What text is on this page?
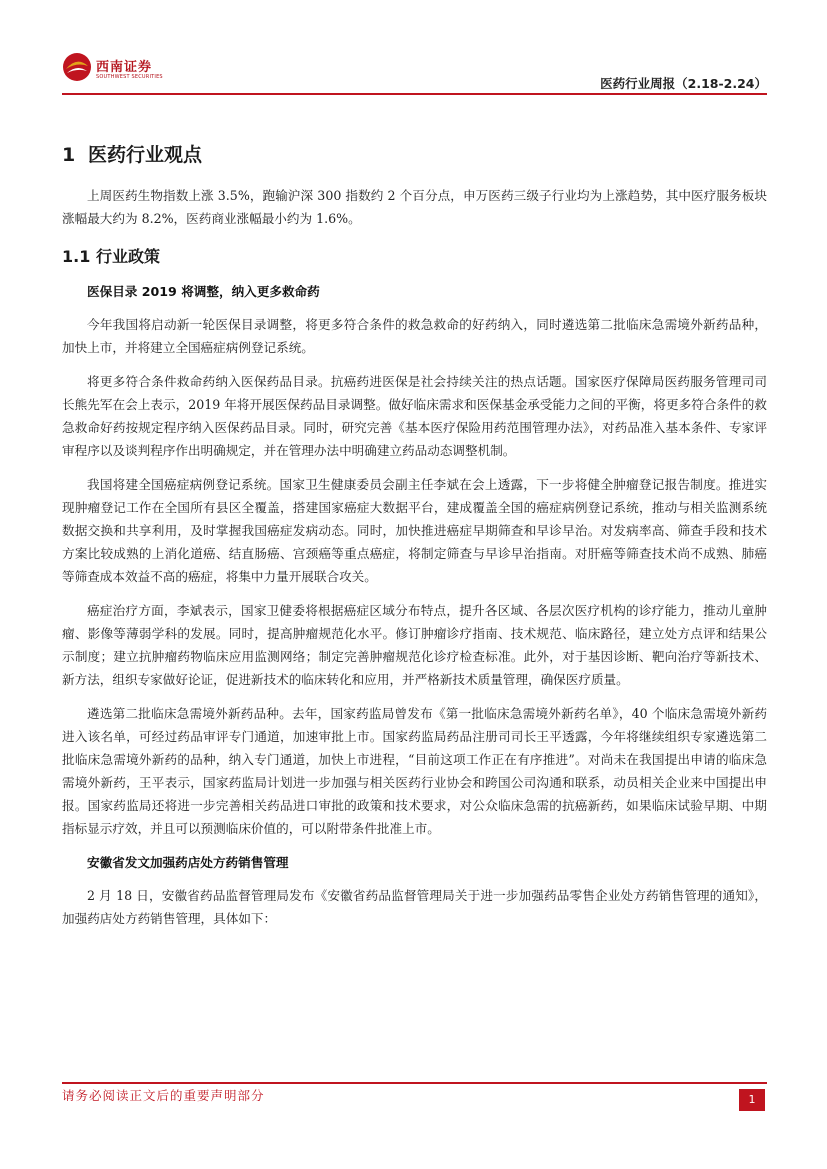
西南证券
SOUTHWEST SECURITIES	医药行业周报（2.18-2.24）
1 医药行业观点

上周医药生物指数上涨 3.5%，跑输沪深 300 指数约 2 个百分点，申万医药三级子行业均为上涨趋势，其中医疗服务板块涨幅最大约为 8.2%，医药商业涨幅最小约为 1.6%。

1.1 行业政策

医保目录 2019 将调整，纳入更多救命药

今年我国将启动新一轮医保目录调整，将更多符合条件的救急救命的好药纳入，同时遴选第二批临床急需境外新药品种，加快上市，并将建立全国癌症病例登记系统。

将更多符合条件救命药纳入医保药品目录。抗癌药进医保是社会持续关注的热点话题。国家医疗保障局医药服务管理司司长熊先军在会上表示，2019 年将开展医保药品目录调整。做好临床需求和医保基金承受能力之间的平衡，将更多符合条件的救急救命好药按规定程序纳入医保药品目录。同时，研究完善《基本医疗保险用药范围管理办法》，对药品准入基本条件、专家评审程序以及谈判程序作出明确规定，并在管理办法中明确建立药品动态调整机制。

我国将建全国癌症病例登记系统。国家卫生健康委员会副主任李斌在会上透露，下一步将健全肿瘤登记报告制度。推进实现肿瘤登记工作在全国所有县区全覆盖，搭建国家癌症大数据平台，建成覆盖全国的癌症病例登记系统，推动与相关监测系统数据交换和共享利用，及时掌握我国癌症发病动态。同时，加快推进癌症早期筛查和早诊早治。对发病率高、筛查手段和技术方案比较成熟的上消化道癌、结直肠癌、宫颈癌等重点癌症，将制定筛查与早诊早治指南。对肝癌等筛查技术尚不成熟、肺癌等筛查成本效益不高的癌症，将集中力量开展联合攻关。

癌症治疗方面，李斌表示，国家卫健委将根据癌症区域分布特点，提升各区域、各层次医疗机构的诊疗能力，推动儿童肿瘤、影像等薄弱学科的发展。同时，提高肿瘤规范化水平。修订肿瘤诊疗指南、技术规范、临床路径，建立处方点评和结果公示制度；建立抗肿瘤药物临床应用监测网络；制定完善肿瘤规范化诊疗检查标准。此外，对于基因诊断、靶向治疗等新技术、新方法，组织专家做好论证，促进新技术的临床转化和应用，并严格新技术质量管理，确保医疗质量。

遴选第二批临床急需境外新药品种。去年，国家药监局曾发布《第一批临床急需境外新药名单》，40 个临床急需境外新药进入该名单，可经过药品审评专门通道，加速审批上市。国家药监局药品注册司司长王平透露，今年将继续组织专家遴选第二批临床急需境外新药的品种，纳入专门通道，加快上市进程，“目前这项工作正在有序推进”。对尚未在我国提出申请的临床急需境外新药，王平表示，国家药监局计划进一步加强与相关医药行业协会和跨国公司沟通和联系，动员相关企业来中国提出申报。国家药监局还将进一步完善相关药品进口审批的政策和技术要求，对公众临床急需的抗癌新药，如果临床试验早期、中期指标显示疗效，并且可以预测临床价值的，可以附带条件批准上市。

安徽省发文加强药店处方药销售管理

2 月 18 日，安徽省药品监督管理局发布《安徽省药品监督管理局关于进一步加强药品零售企业处方药销售管理的通知》，加强药店处方药销售管理，具体如下：

请务必阅读正文后的重要声明部分	1
